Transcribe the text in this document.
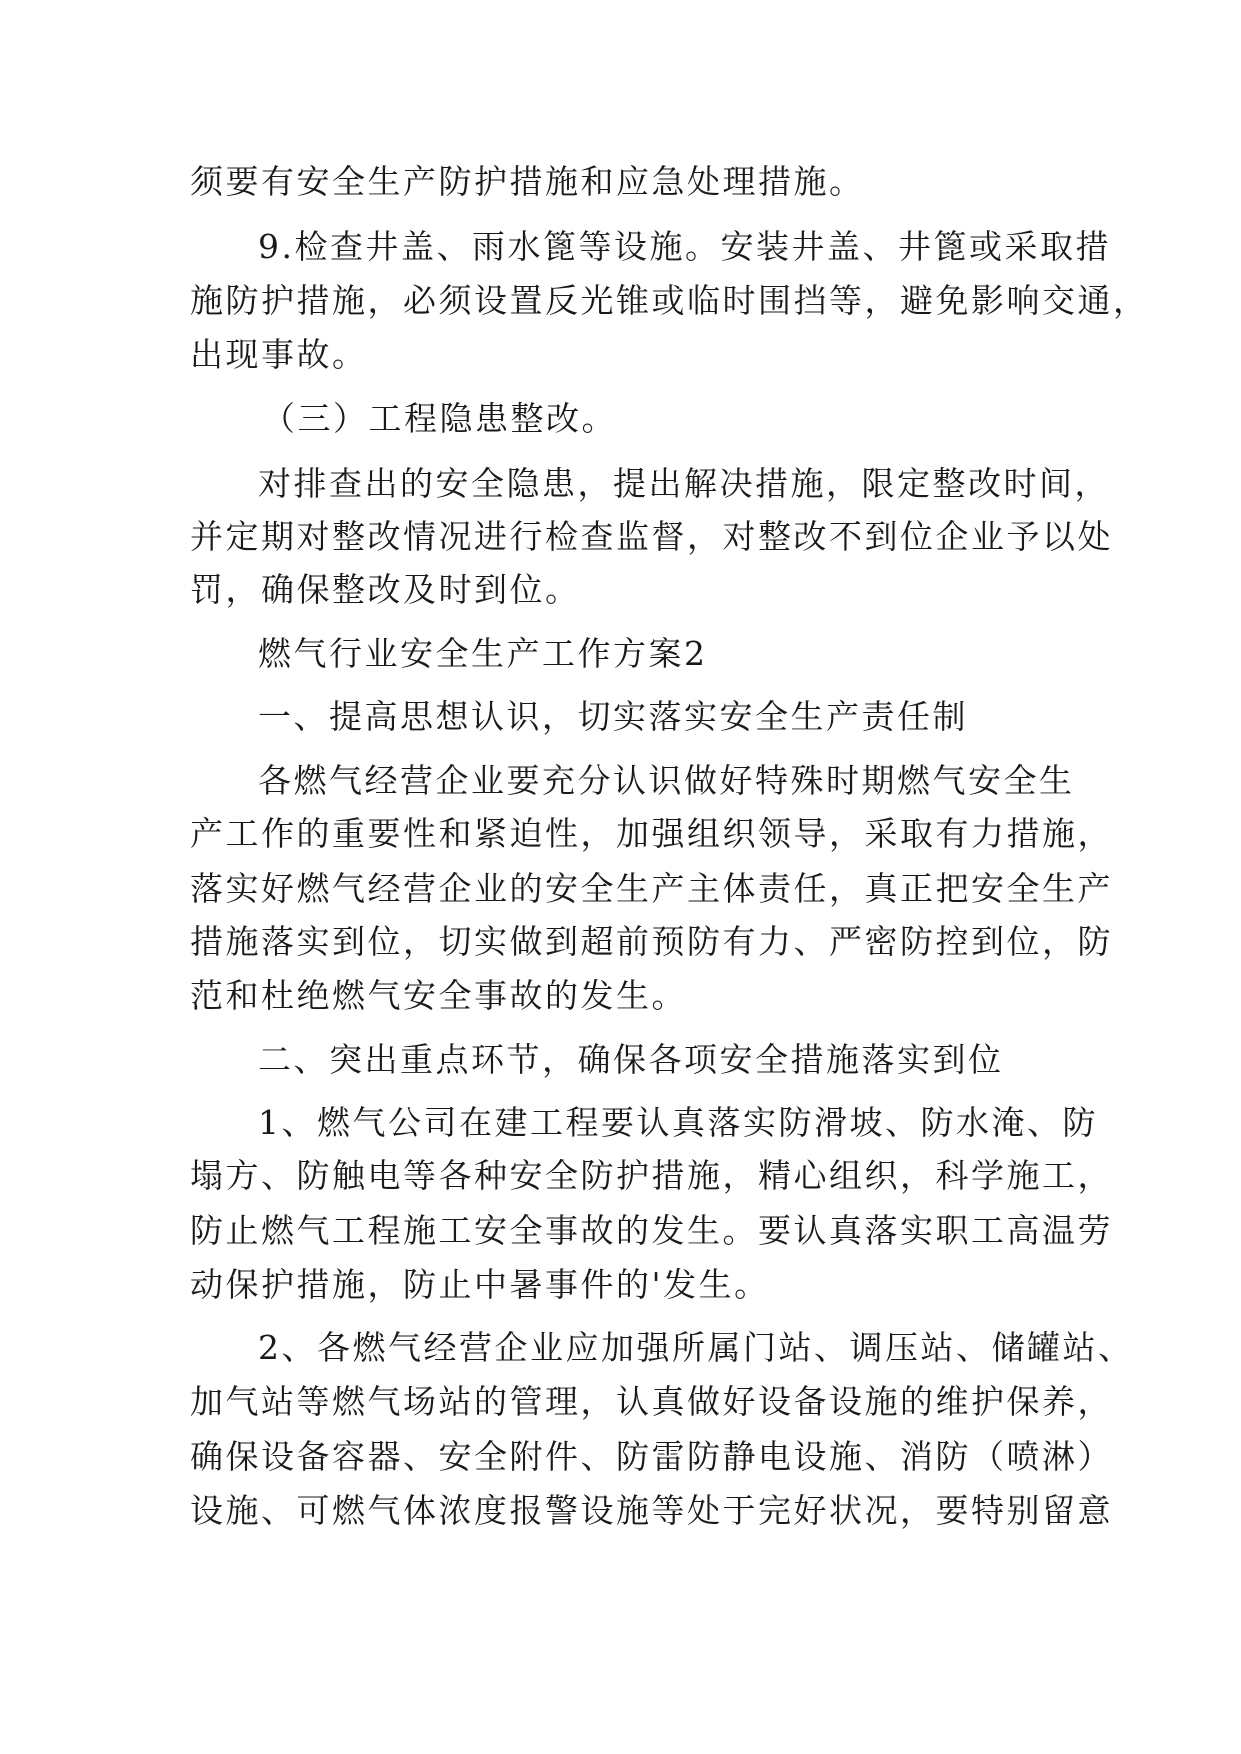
须要有安全生产防护措施和应急处理措施。
9.检查井盖、雨水篦等设施。安装井盖、井篦或采取措
施防护措施，必须设置反光锥或临时围挡等，避免影响交通，
出现事故。
（三）工程隐患整改。
对排查出的安全隐患，提出解决措施，限定整改时间，
并定期对整改情况进行检查监督，对整改不到位企业予以处
罚，确保整改及时到位。
燃气行业安全生产工作方案2
一、提高思想认识，切实落实安全生产责任制
各燃气经营企业要充分认识做好特殊时期燃气安全生
产工作的重要性和紧迫性，加强组织领导，采取有力措施，
落实好燃气经营企业的安全生产主体责任，真正把安全生产
措施落实到位，切实做到超前预防有力、严密防控到位，防
范和杜绝燃气安全事故的发生。
二、突出重点环节，确保各项安全措施落实到位
1、燃气公司在建工程要认真落实防滑坡、防水淹、防
塌方、防触电等各种安全防护措施，精心组织，科学施工，
防止燃气工程施工安全事故的发生。要认真落实职工高温劳
动保护措施，防止中暑事件的'发生。
2、各燃气经营企业应加强所属门站、调压站、储罐站、
加气站等燃气场站的管理，认真做好设备设施的维护保养，
确保设备容器、安全附件、防雷防静电设施、消防（喷淋）
设施、可燃气体浓度报警设施等处于完好状况，要特别留意
